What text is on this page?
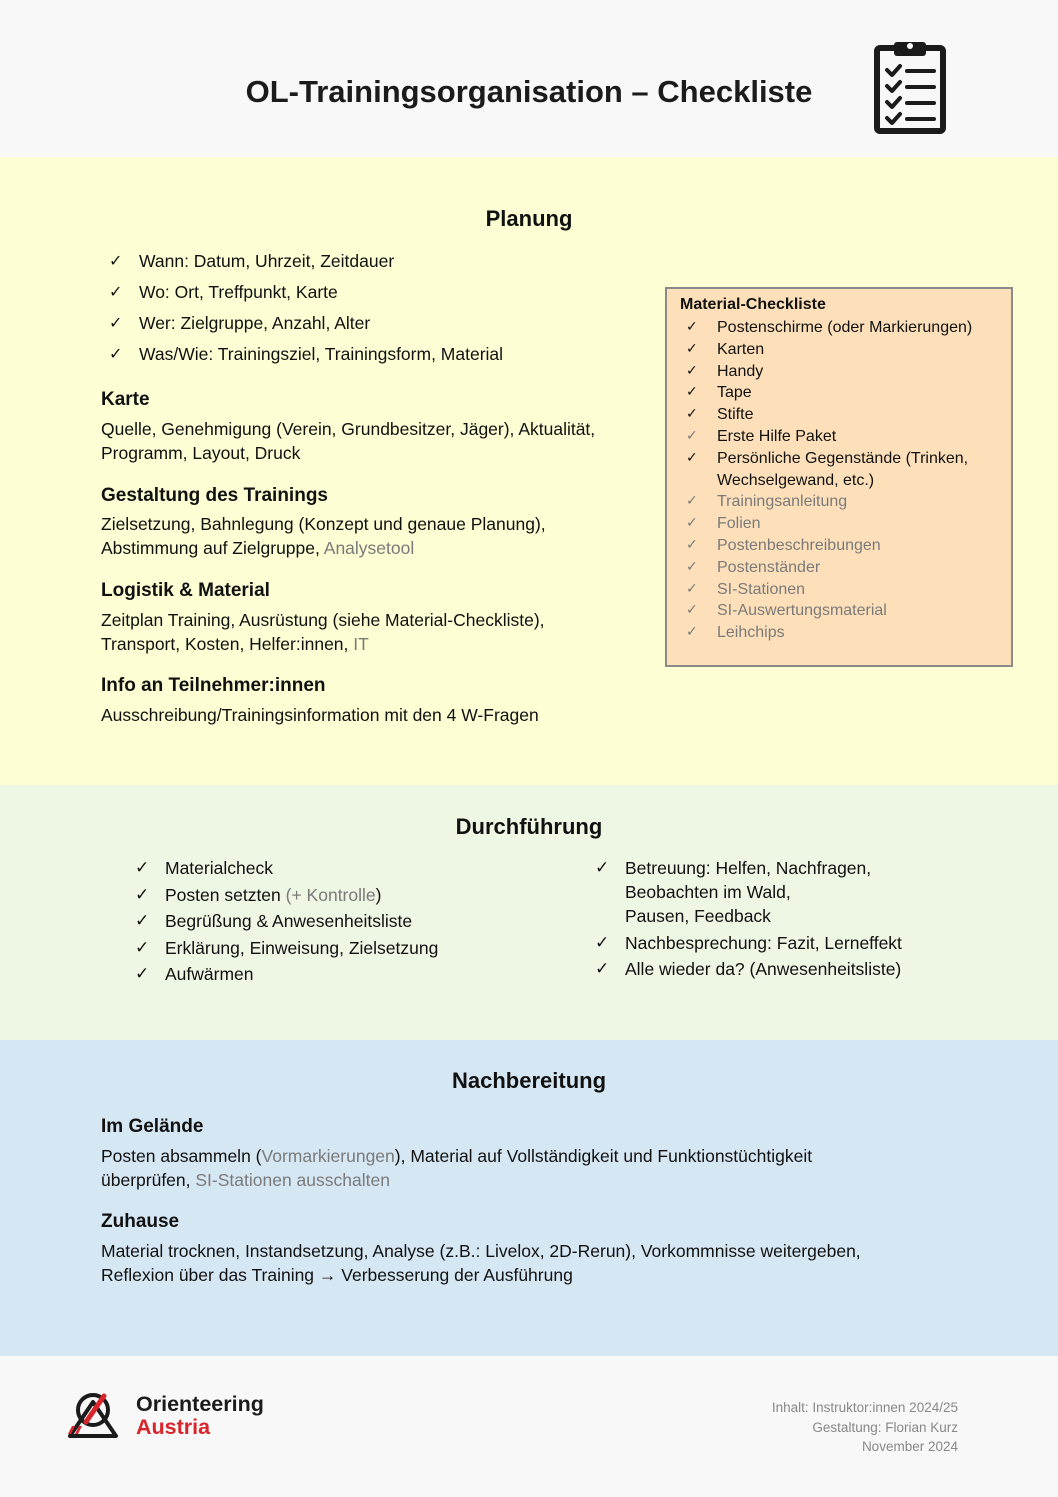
OL-Trainingsorganisation – Checkliste
Planung
✓ Wann: Datum, Uhrzeit, Zeitdauer
✓ Wo: Ort, Treffpunkt, Karte
✓ Wer: Zielgruppe, Anzahl, Alter
✓ Was/Wie: Trainingsziel, Trainingsform, Material
Karte
Quelle, Genehmigung (Verein, Grundbesitzer, Jäger), Aktualität,
Programm, Layout, Druck
Gestaltung des Trainings
Zielsetzung, Bahnlegung (Konzept und genaue Planung),
Abstimmung auf Zielgruppe, Analysetool
Logistik & Material
Zeitplan Training, Ausrüstung (siehe Material-Checkliste),
Transport, Kosten, Helfer:innen, IT
Info an Teilnehmer:innen
Ausschreibung/Trainingsinformation mit den 4 W-Fragen
Material-Checkliste
✓ Postenschirme (oder Markierungen)
✓ Karten
✓ Handy
✓ Tape
✓ Stifte
✓ Erste Hilfe Paket
✓ Persönliche Gegenstände (Trinken, Wechselgewand, etc.)
✓ Trainingsanleitung
✓ Folien
✓ Postenbeschreibungen
✓ Postenständer
✓ SI-Stationen
✓ SI-Auswertungsmaterial
✓ Leihchips
Durchführung
✓ Materialcheck
✓ Posten setzten (+ Kontrolle)
✓ Begrüßung & Anwesenheitsliste
✓ Erklärung, Einweisung, Zielsetzung
✓ Aufwärmen
✓ Betreuung: Helfen, Nachfragen,
Beobachten im Wald,
Pausen, Feedback
✓ Nachbesprechung: Fazit, Lerneffekt
✓ Alle wieder da? (Anwesenheitsliste)
Nachbereitung
Im Gelände
Posten absammeln (Vormarkierungen), Material auf Vollständigkeit und Funktionstüchtigkeit
überprüfen, SI-Stationen ausschalten
Zuhause
Material trocknen, Instandsetzung, Analyse (z.B.: Livelox, 2D-Rerun), Vorkommnisse weitergeben,
Reflexion über das Training → Verbesserung der Ausführung
Orienteering
Austria
Inhalt: Instruktor:innen 2024/25
Gestaltung: Florian Kurz
November 2024
